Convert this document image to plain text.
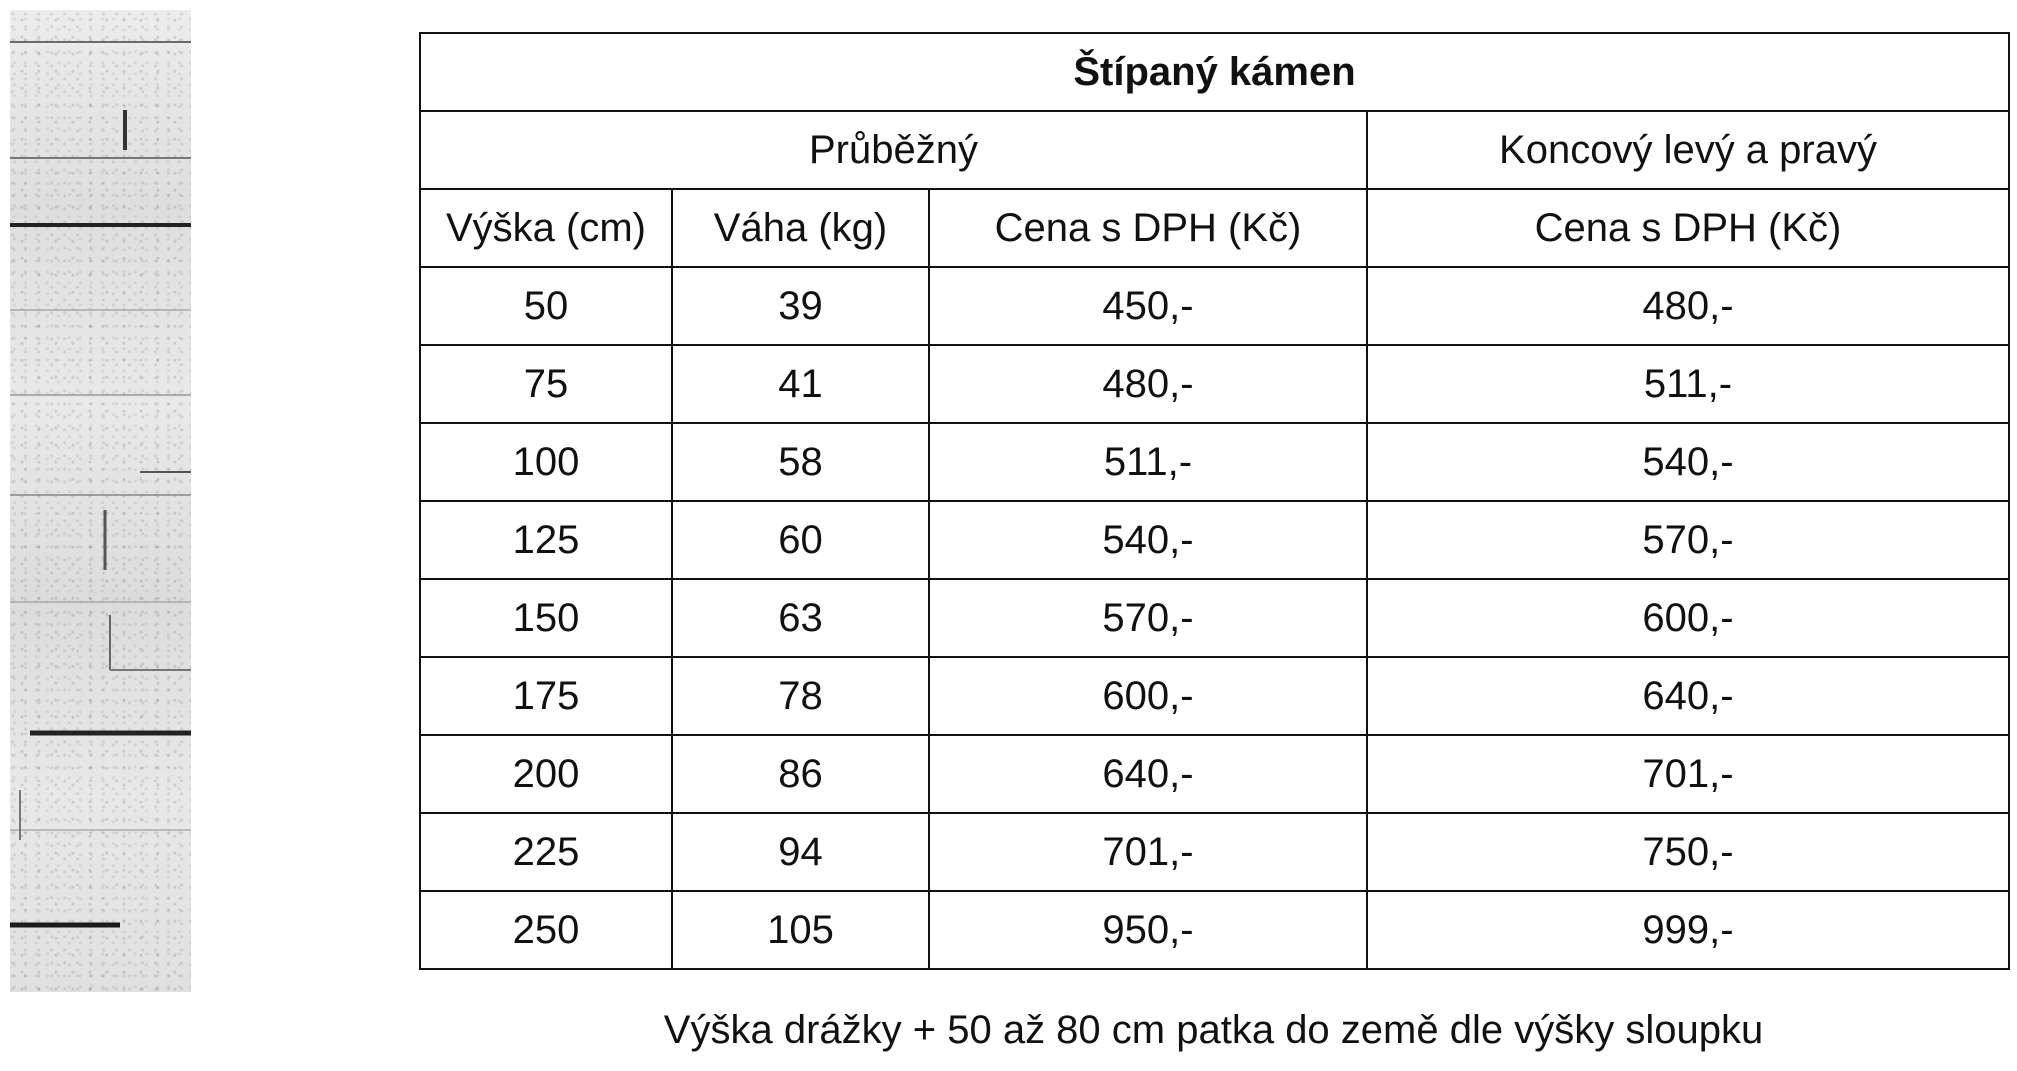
Štípaný kámen			
Průběžný			Koncový levý a pravý
Výška (cm)	Váha (kg)	Cena s DPH (Kč)	Cena s DPH (Kč)
50	39	450,-	480,-
75	41	480,-	511,-
100	58	511,-	540,-
125	60	540,-	570,-
150	63	570,-	600,-
175	78	600,-	640,-
200	86	640,-	701,-
225	94	701,-	750,-
250	105	950,-	999,-
Výška drážky + 50 až 80 cm patka do země dle výšky sloupku
